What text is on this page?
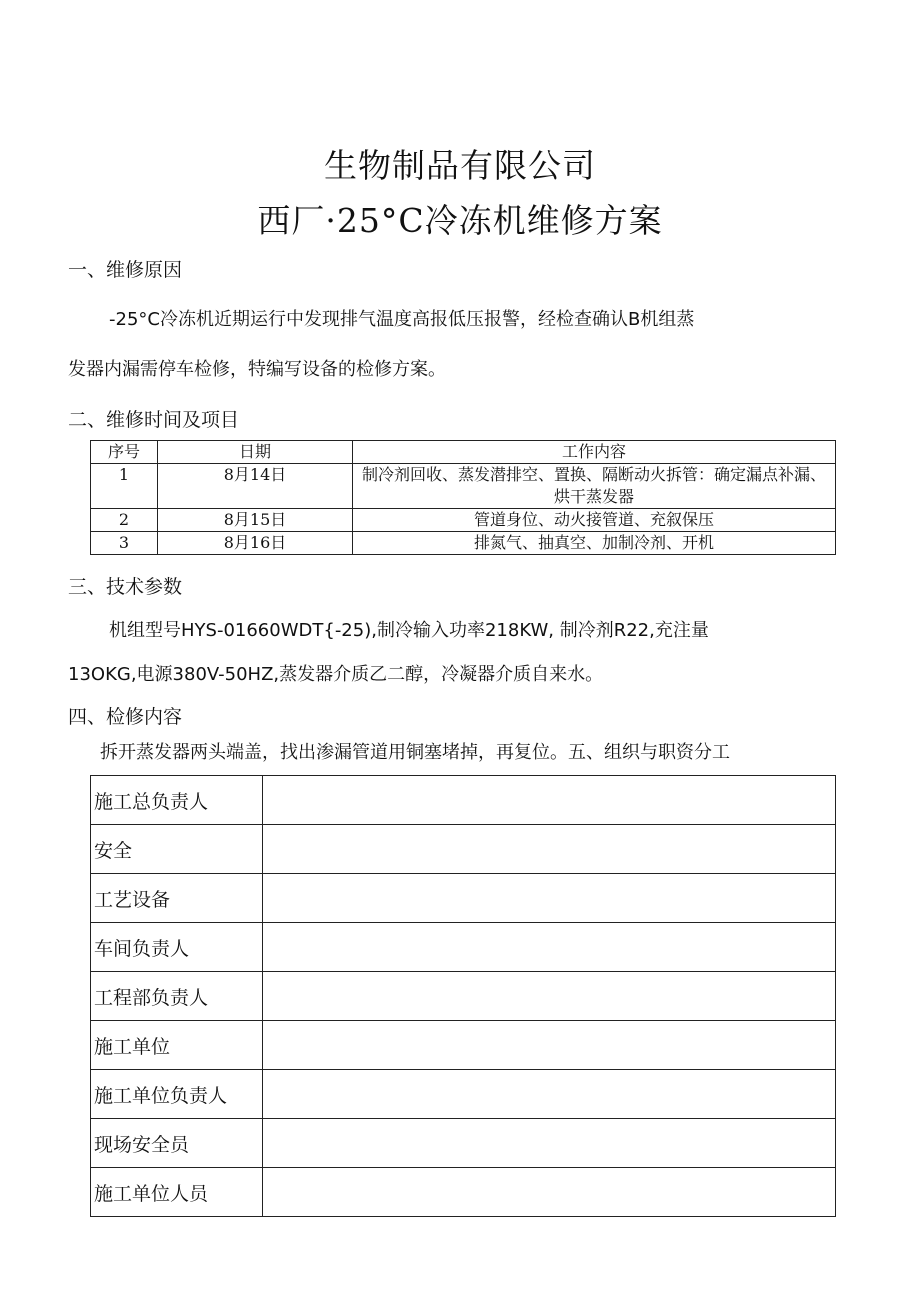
生物制品有限公司
西厂·25°C冷冻机维修方案
一、维修原因
-25°C冷冻机近期运行中发现排气温度高报低压报警，经检查确认B机组蒸
发器内漏需停车检修，特编写设备的检修方案。
二、维修时间及项目
序号	日期	工作内容
1	8月14日	制冷剂回收、蒸发潜排空、置换、隔断动火拆管：确定漏点补漏、烘干蒸发器
2	8月15日	管道身位、动火接管道、充叙保压
3	8月16日	排氮气、抽真空、加制冷剂、开机
三、技术参数
机组型号HYS-01660WDT{-25),制冷输入功率218KW, 制冷剂R22,充注量
13OKG,电源380V-50HZ,蒸发器介质乙二醇，冷凝器介质自来水。
四、检修内容
拆开蒸发器两头端盖，找出渗漏管道用铜塞堵掉，再复位。五、组织与职资分工
施工总负责人	
安全	
工艺设备	
车间负责人	
工程部负责人	
施工单位	
施工单位负责人	
现场安全员	
施工单位人员	
